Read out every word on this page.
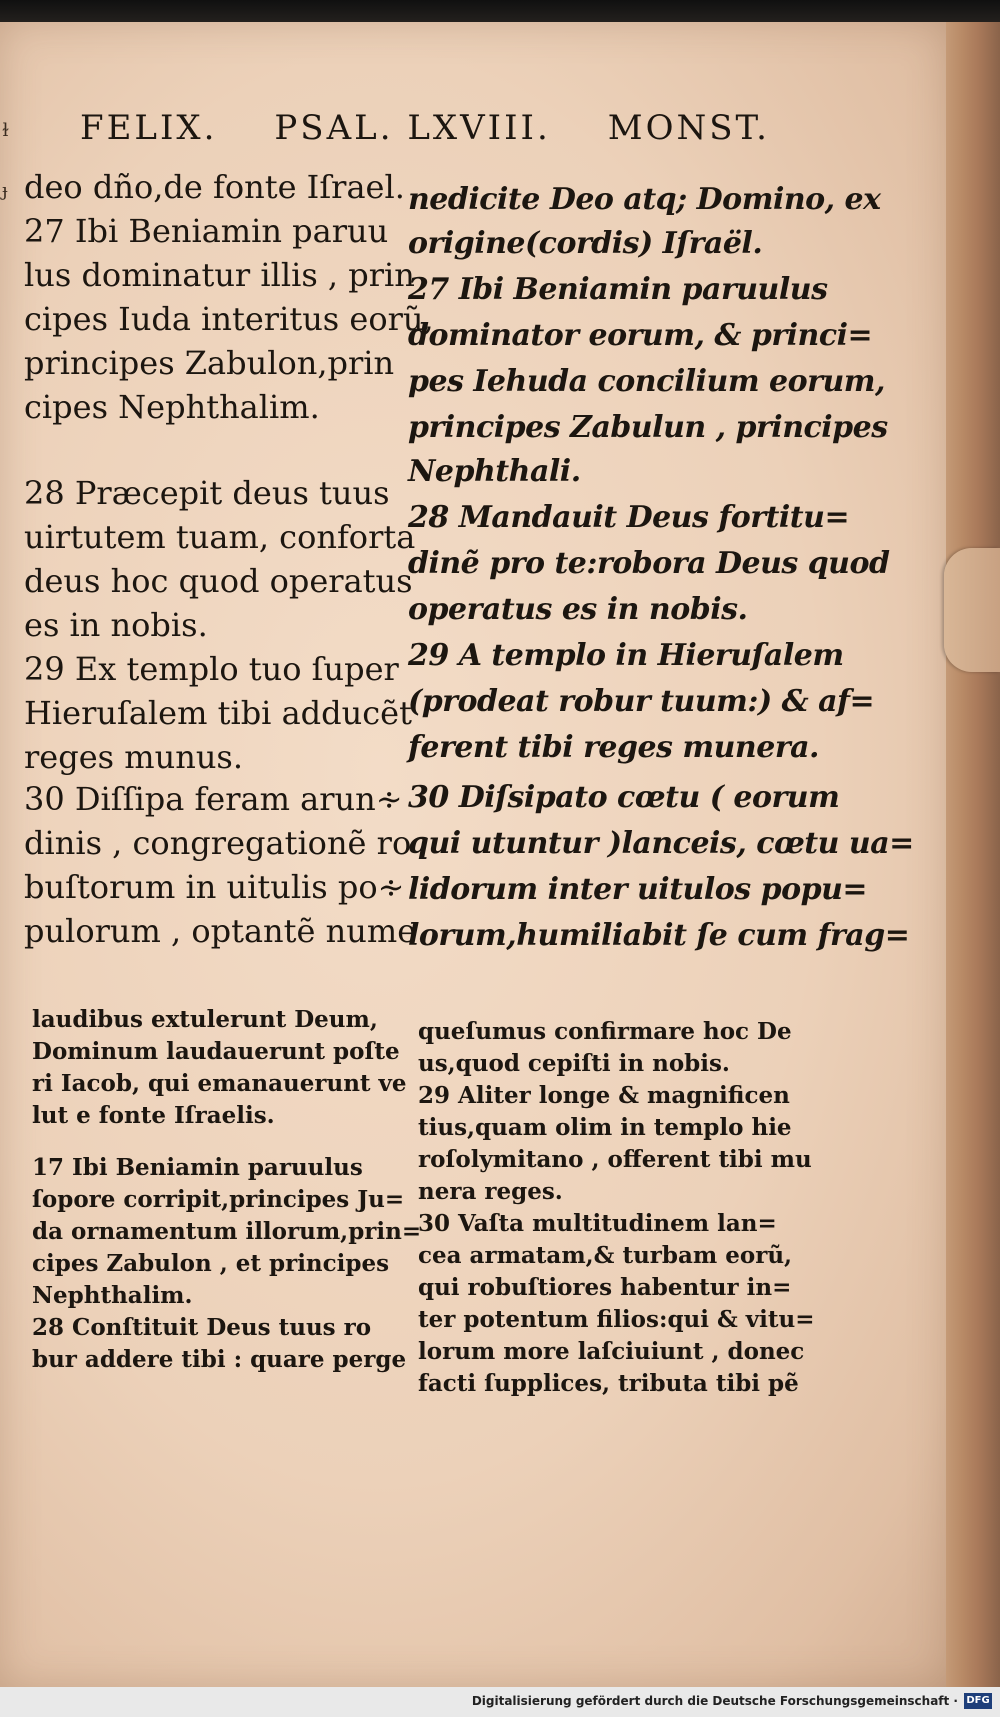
FELIX. PSAL. LXVIII. MONST.
ɫ
ɟ deo dño,de fonte Iſrael.
27 Ibi Beniamin paruu
lus dominatur illis , prin
cipes Iuda interitus eorũ,
principes Zabulon,prin
cipes Nephthalim.
28 Præcepit deus tuus
uirtutem tuam, conforta
deus hoc quod operatus
es in nobis.
29 Ex templo tuo ſuper
Hieruſalem tibi adducẽt
reges munus.
30 Diſſipa feram arun∻
dinis , congregationẽ ro
buſtorum in uitulis po∻
pulorum , optantẽ nume
nedicite Deo atq; Domino, ex
origine(cordis) Iſraël.
27 Ibi Beniamin paruulus
dominator eorum, & princi=
pes Iehuda concilium eorum,
principes Zabulun , principes
Nephthali.
28 Mandauit Deus fortitu=
dinẽ pro te:robora Deus quod
operatus es in nobis.
29 A templo in Hieruſalem
(prodeat robur tuum:) & af=
ferent tibi reges munera.
30 Diſsipato cœtu ( eorum
qui utuntur )lanceis, cœtu ua=
lidorum inter uitulos popu=
lorum,humiliabit ſe cum frag=
laudibus extulerunt Deum,
Dominum laudauerunt poſte
ri Iacob, qui emanauerunt ve
lut e fonte Iſraelis.
17 Ibi Beniamin paruulus
ſopore corripit,principes Ju=
da ornamentum illorum,prin=
cipes Zabulon , et principes
Nephthalim.
28 Conſtituit Deus tuus ro
bur addere tibi : quare perge
queſumus confirmare hoc De
us,quod cepiſti in nobis.
29 Aliter longe & magnificen
tius,quam olim in templo hie
roſolymitano , offerent tibi mu
nera reges.
30 Vaſta multitudinem lan=
cea armatam,& turbam eorũ,
qui robuſtiores habentur in=
ter potentum filios:qui & vitu=
lorum more laſciuiunt , donec
facti ſupplices, tributa tibi pẽ
Digitalisierung gefördert durch die Deutsche Forschungsgemeinschaft · DFG
